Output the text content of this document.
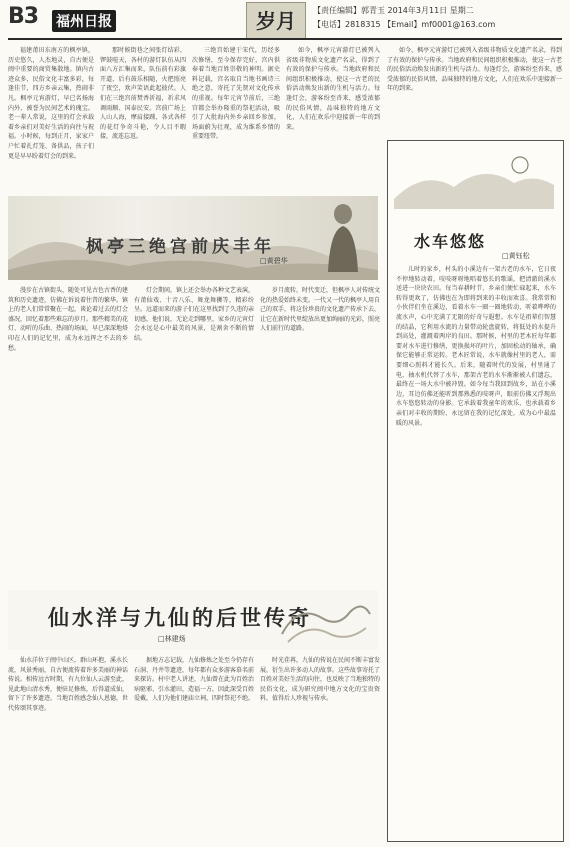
B3 福州日报	岁月	【责任编辑】郭青玉 2014年3月11日 星期二
【电话】2818315 【Email】mf0001@163.com

福建莆田东南方的枫亭镇，历史悠久，人杰地灵，自古便是闽中重要的商贸集散地。镇内古迹众多，民俗文化丰富多彩，每逢佳节，四方乡亲云集，热闹非凡。枫亭元宵游灯，早已名扬海内外，被誉为民间艺术的瑰宝。老一辈人常说，这里的灯会承载着乡亲们对美好生活的向往与祝福。小时候，每到正月，家家户户忙着扎灯笼、备供品，孩子们更是早早盼着灯会的到来。

那时候街巷之间张灯结彩，锣鼓喧天，各村的游灯队伍从四面八方汇集而来，队伍前有彩旗开道，后有鼓乐相随，火把照亮了夜空，欢声笑语此起彼伏。人们在三绝宫前焚香祈福，祈求风调雨顺、国泰民安。宫前广场上人山人海，摩肩接踵，各式各样的花灯争奇斗艳，令人目不暇接，流连忘返。

三绝宫始建于宋代，历经多次修缮，至今保存完好，宫内供奉着当地百姓崇敬的神明。据史料记载，宫名取自当地书画诗三绝之意，寄托了先贤对文化传承的重视。每年元宵节前后，三绝宫都会举办隆重的祭祀活动，吸引了大批海内外乡亲回乡参加，场面蔚为壮观，成为维系乡情的重要纽带。

如今，枫亭元宵游灯已被列入省级非物质文化遗产名录，得到了有效的保护与传承。当地政府和民间组织积极推动，使这一古老的民俗活动焕发出新的生机与活力。每逢灯会，游客纷至沓来，感受浓郁的民俗风情，品味独特的地方文化，人们在欢乐中迎接新一年的到来。

如今，枫亭元宵游灯已被列入省级非物质文化遗产名录，得到了有效的保护与传承。当地政府和民间组织积极推动，使这一古老的民俗活动焕发出新的生机与活力。每逢灯会，游客纷至沓来，感受浓郁的民俗风情，品味独特的地方文化，人们在欢乐中迎接新一年的到来。

枫亭三绝宫前庆丰年
□黄碧华

漫步在古镇街头，随处可见古色古香的建筑和历史遗迹，仿佛在诉说着往昔的繁华。镇上的老人们常常聚在一起，谈论着过去的灯会盛况，回忆着那些难忘的岁月。那些精美的花灯、动听的乐曲、热闹的场面，早已深深地烙印在人们的记忆里，成为永远挥之不去的乡愁。

灯会期间，镇上还会举办各种文艺表演，有莆仙戏、十音八乐、舞龙舞狮等，精彩纷呈。远道而来的游子们在这里找到了久违的亲切感，他们说，无论走到哪里，家乡的元宵灯会永远是心中最美的风景，是割舍不断的情结。

岁月流转，时代变迁，但枫亭人对传统文化的热爱始终未变。一代又一代的枫亭人用自己的双手，将这份珍贵的文化遗产传承下去，让它在新时代里绽放出更加绚丽的光彩，照亮人们前行的道路。

仙水洋与九仙的后世传奇
□林建炀

仙水洋位于闽中山区，群山环抱，溪水长流，风景秀丽，自古便流传着许多美丽的神话传说。相传远古时期，有九位仙人云游至此，见此地山清水秀，便驻足修炼，后得道成仙，留下了许多遗迹。当地百姓感念仙人恩德，世代传颂其事迹。

据地方志记载，九仙修炼之处至今仍存有石洞、丹井等遗迹，每年都有众多游客慕名前来探访。村中老人讲述，九仙曾在此为百姓治病驱邪、引水灌田，造福一方，因此深受百姓爱戴，人们为他们建庙立祠，四时祭祀不绝。

时光荏苒，九仙的传说在民间不断丰富发展，衍生出许多动人的故事。这些故事寄托了百姓对美好生活的向往，也反映了当地独特的民俗文化，成为研究闽中地方文化的宝贵资料，值得后人珍视与传承。

水车悠悠
□黄钰松

儿时的家乡，村头的小溪边有一架古老的水车，它日夜不停地转动着，吱吱呀呀地唱着悠长的歌谣，把清澈的溪水送进一块块农田。每当春耕时节，乡亲们便忙碌起来，水车转得更欢了，仿佛也在为即将到来的丰收而欢喜。我常常和小伙伴们坐在溪边，看着水车一圈一圈地转动，听着哗哗的流水声，心中充满了无限的好奇与遐想。水车是祖辈们智慧的结晶，它利用水流的力量带动轮盘旋转，将低处的水提升到高处，灌溉着两岸的良田。那时候，村里的老木匠每年都要对水车进行修缮，更换损坏的叶片，加固松动的轴承，确保它能够正常运转。老木匠常说，水车就像村里的老人，需要细心照料才能长久。后来，随着时代的发展，村里通了电，抽水机代替了水车，那架古老的水车渐渐被人们遗忘，最终在一场大水中被冲毁。如今每当我回到故乡，站在小溪边，耳边仿佛还能听到那熟悉的吱呀声，眼前仿佛又浮现出水车悠悠转动的身影。它承载着我童年的欢乐，也承载着乡亲们对丰收的期盼，永远留在我的记忆深处，成为心中最温暖的风景。
